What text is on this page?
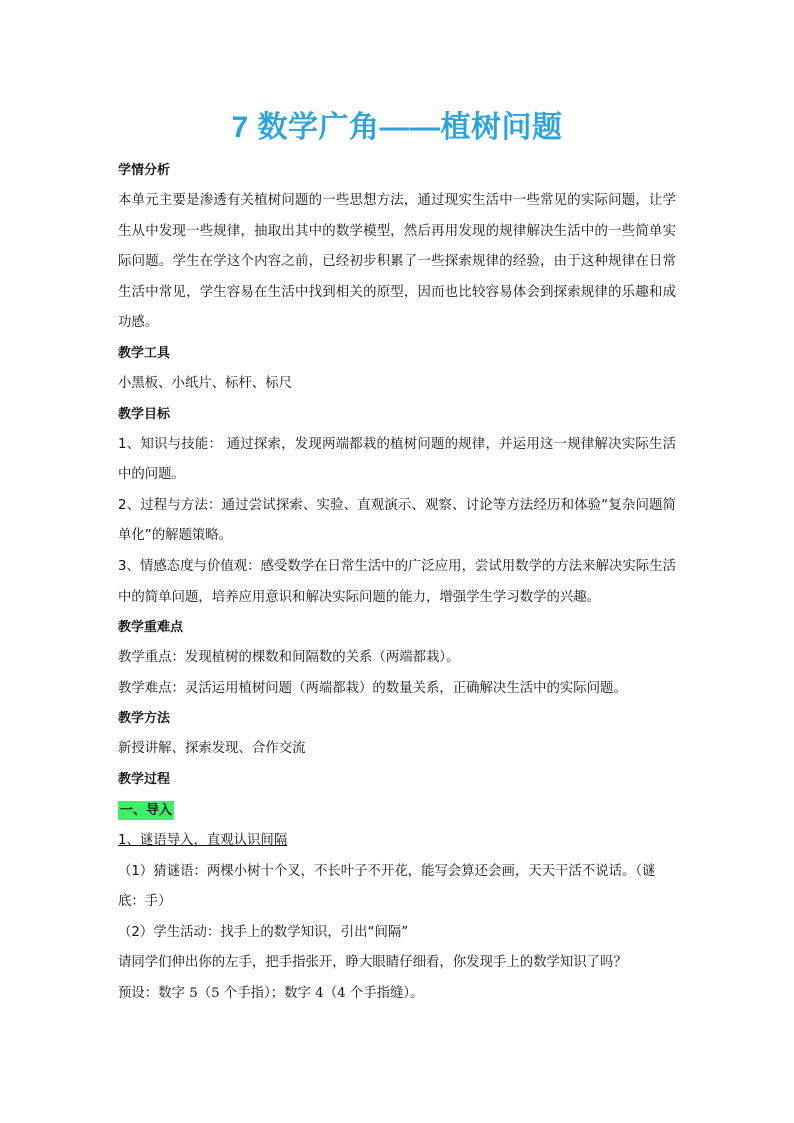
7 数学广角——植树问题

学情分析

本单元主要是渗透有关植树问题的一些思想方法，通过现实生活中一些常见的实际问题，让学生从中发现一些规律，抽取出其中的数学模型，然后再用发现的规律解决生活中的一些简单实际问题。学生在学这个内容之前，已经初步积累了一些探索规律的经验，由于这种规律在日常生活中常见，学生容易在生活中找到相关的原型，因而也比较容易体会到探索规律的乐趣和成功感。

教学工具

小黑板、小纸片、标杆、标尺

教学目标

1、知识与技能： 通过探索，发现两端都栽的植树问题的规律，并运用这一规律解决实际生活中的问题。

2、过程与方法：通过尝试探索、实验、直观演示、观察、讨论等方法经历和体验“复杂问题简单化”的解题策略。

3、情感态度与价值观：感受数学在日常生活中的广泛应用，尝试用数学的方法来解决实际生活中的简单问题，培养应用意识和解决实际问题的能力，增强学生学习数学的兴趣。

教学重难点

教学重点：发现植树的棵数和间隔数的关系（两端都栽）。

教学难点：灵活运用植树问题（两端都栽）的数量关系，正确解决生活中的实际问题。

教学方法

新授讲解、探索发现、合作交流

教学过程

一、导入

1、谜语导入，直观认识间隔

（1）猜谜语：两棵小树十个叉，不长叶子不开花，能写会算还会画，天天干活不说话。（谜底：手）

（2）学生活动：找手上的数学知识，引出“间隔”

请同学们伸出你的左手，把手指张开，睁大眼睛仔细看，你发现手上的数学知识了吗？

预设：数字 5（5 个手指）；数字 4（4 个手指缝）。
